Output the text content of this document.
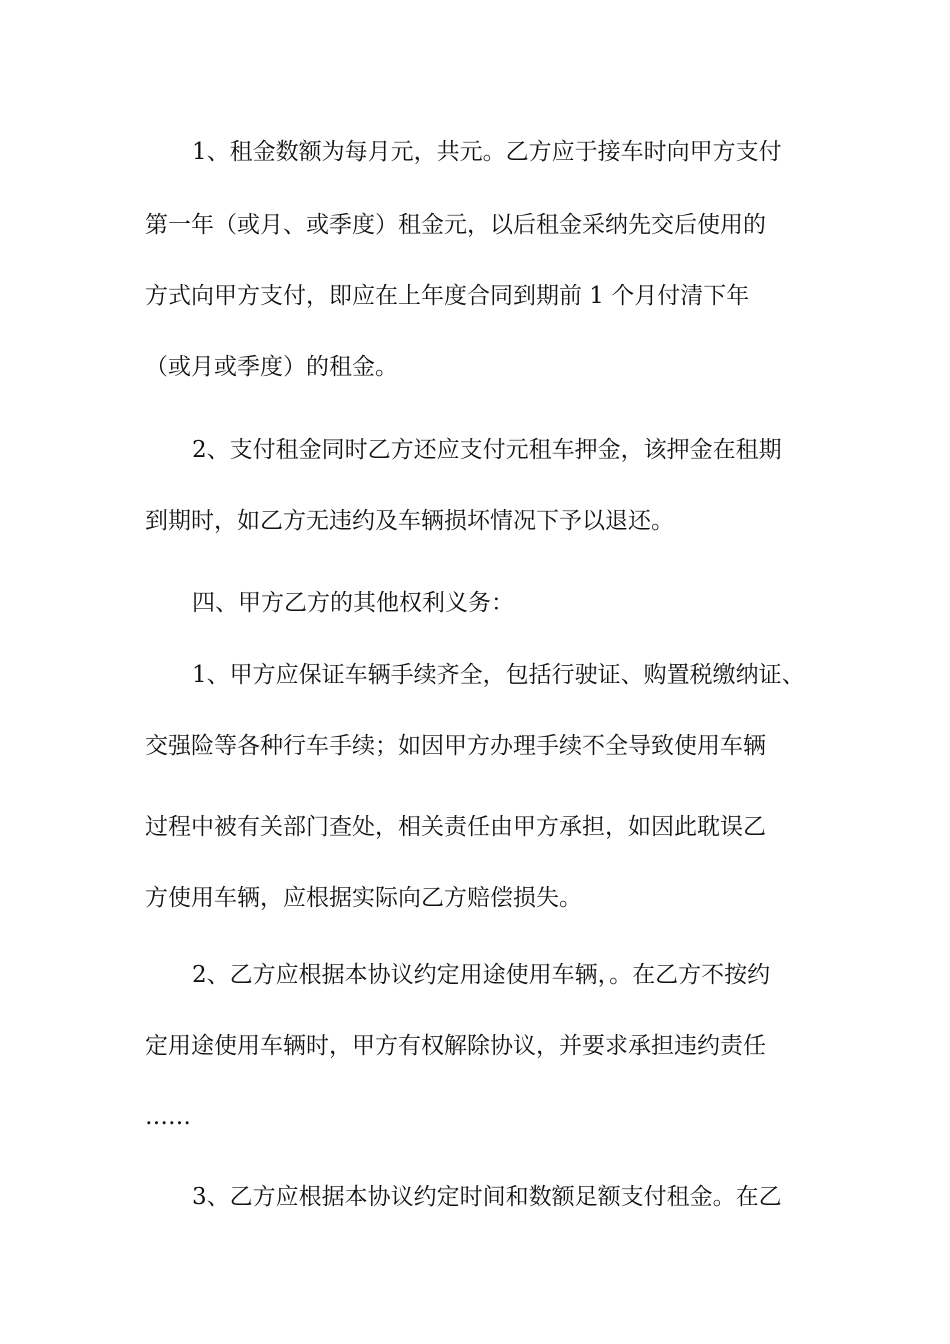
1、租金数额为每月元，共元。乙方应于接车时向甲方支付
第一年（或月、或季度）租金元，以后租金采纳先交后使用的
方式向甲方支付，即应在上年度合同到期前 1 个月付清下年
（或月或季度）的租金。
2、支付租金同时乙方还应支付元租车押金，该押金在租期
到期时，如乙方无违约及车辆损坏情况下予以退还。
四、甲方乙方的其他权利义务：
1、甲方应保证车辆手续齐全，包括行驶证、购置税缴纳证、
交强险等各种行车手续；如因甲方办理手续不全导致使用车辆
过程中被有关部门查处，相关责任由甲方承担，如因此耽误乙
方使用车辆，应根据实际向乙方赔偿损失。
2、乙方应根据本协议约定用途使用车辆，。在乙方不按约
定用途使用车辆时，甲方有权解除协议，并要求承担违约责任
……
3、乙方应根据本协议约定时间和数额足额支付租金。在乙
